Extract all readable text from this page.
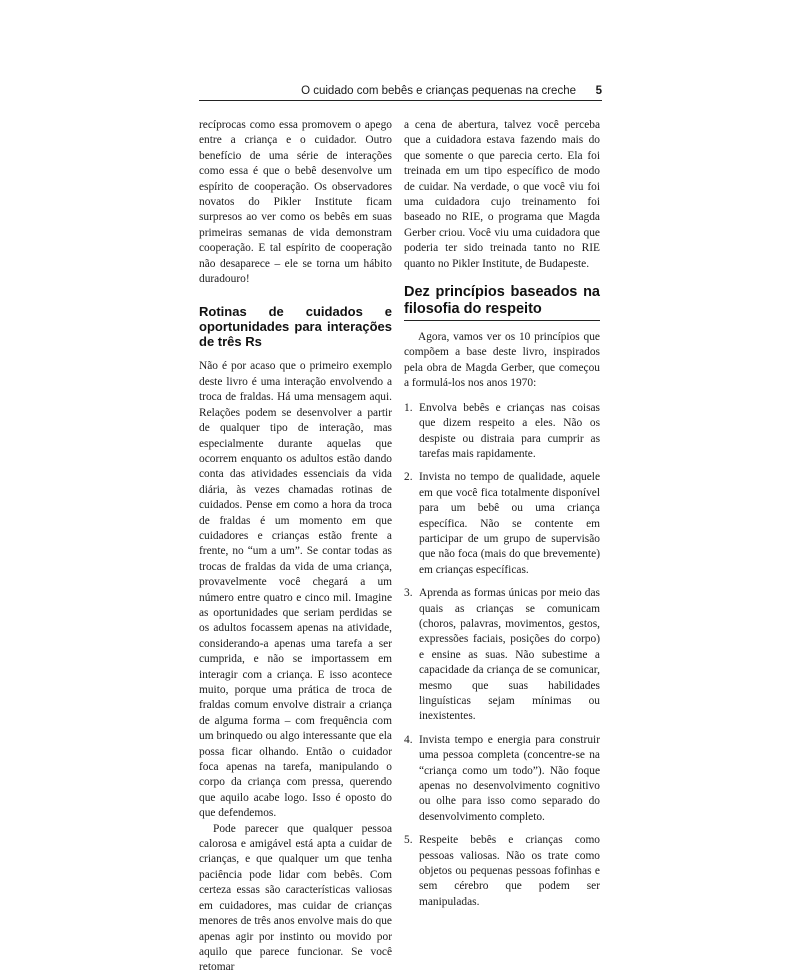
O cuidado com bebês e crianças pequenas na creche 5

recíprocas como essa promovem o apego entre a criança e o cuidador. Outro benefício de uma série de interações como essa é que o bebê desenvolve um espírito de cooperação. Os observadores novatos do Pikler Institute ficam surpresos ao ver como os bebês em suas primeiras semanas de vida demonstram cooperação. E tal espírito de cooperação não desaparece – ele se torna um hábito duradouro!

Rotinas de cuidados e oportunidades para interações de três Rs

Não é por acaso que o primeiro exemplo deste livro é uma interação envolvendo a troca de fraldas. Há uma mensagem aqui. Relações podem se desenvolver a partir de qualquer tipo de interação, mas especialmente durante aquelas que ocorrem enquanto os adultos estão dando conta das atividades essenciais da vida diária, às vezes chamadas rotinas de cuidados. Pense em como a hora da troca de fraldas é um momento em que cuidadores e crianças estão frente a frente, no “um a um”. Se contar todas as trocas de fraldas da vida de uma criança, provavelmente você chegará a um número entre quatro e cinco mil. Imagine as oportunidades que seriam perdidas se os adultos focassem apenas na atividade, considerando-a apenas uma tarefa a ser cumprida, e não se importassem em interagir com a criança. E isso acontece muito, porque uma prática de troca de fraldas comum envolve distrair a criança de alguma forma – com frequência com um brinquedo ou algo interessante que ela possa ficar olhando. Então o cuidador foca apenas na tarefa, manipulando o corpo da criança com pressa, querendo que aquilo acabe logo. Isso é oposto do que defendemos.

Pode parecer que qualquer pessoa calorosa e amigável está apta a cuidar de crianças, e que qualquer um que tenha paciência pode lidar com bebês. Com certeza essas são características valiosas em cuidadores, mas cuidar de crianças menores de três anos envolve mais do que apenas agir por instinto ou movido por aquilo que parece funcionar. Se você retomar

a cena de abertura, talvez você perceba que a cuidadora estava fazendo mais do que somente o que parecia certo. Ela foi treinada em um tipo específico de modo de cuidar. Na verdade, o que você viu foi uma cuidadora cujo treinamento foi baseado no RIE, o programa que Magda Gerber criou. Você viu uma cuidadora que poderia ter sido treinada tanto no RIE quanto no Pikler Institute, de Budapeste.

Dez princípios baseados na filosofia do respeito

Agora, vamos ver os 10 princípios que compõem a base deste livro, inspirados pela obra de Magda Gerber, que começou a formulá-los nos anos 1970:

1. Envolva bebês e crianças nas coisas que dizem respeito a eles. Não os despiste ou distraia para cumprir as tarefas mais rapidamente.
2. Invista no tempo de qualidade, aquele em que você fica totalmente disponível para um bebê ou uma criança específica. Não se contente em participar de um grupo de supervisão que não foca (mais do que brevemente) em crianças específicas.
3. Aprenda as formas únicas por meio das quais as crianças se comunicam (choros, palavras, movimentos, gestos, expressões faciais, posições do corpo) e ensine as suas. Não subestime a capacidade da criança de se comunicar, mesmo que suas habilidades linguísticas sejam mínimas ou inexistentes.
4. Invista tempo e energia para construir uma pessoa completa (concentre-se na “criança como um todo”). Não foque apenas no desenvolvimento cognitivo ou olhe para isso como separado do desenvolvimento completo.
5. Respeite bebês e crianças como pessoas valiosas. Não os trate como objetos ou pequenas pessoas fofinhas e sem cérebro que podem ser manipuladas.
